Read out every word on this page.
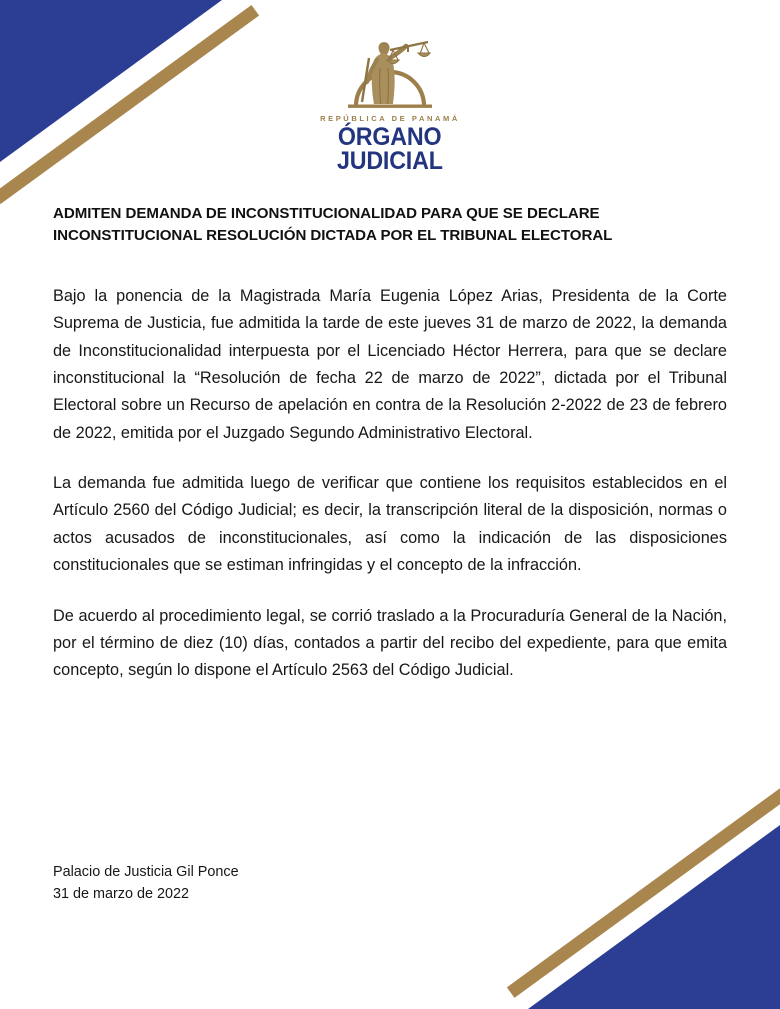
REPÚBLICA DE PANAMÁ
ÓRGANO
JUDICIAL
ADMITEN DEMANDA DE INCONSTITUCIONALIDAD PARA QUE SE DECLARE INCONSTITUCIONAL RESOLUCIÓN DICTADA POR EL TRIBUNAL ELECTORAL

Bajo la ponencia de la Magistrada María Eugenia López Arias, Presidenta de la Corte Suprema de Justicia, fue admitida la tarde de este jueves 31 de marzo de 2022, la demanda de Inconstitucionalidad interpuesta por el Licenciado Héctor Herrera, para que se declare inconstitucional la “Resolución de fecha 22 de marzo de 2022”, dictada por el Tribunal Electoral sobre un Recurso de apelación en contra de la Resolución 2-2022 de 23 de febrero de 2022, emitida por el Juzgado Segundo Administrativo Electoral.

La demanda fue admitida luego de verificar que contiene los requisitos establecidos en el Artículo 2560 del Código Judicial; es decir, la transcripción literal de la disposición, normas o actos acusados de inconstitucionales, así como la indicación de las disposiciones constitucionales que se estiman infringidas y el concepto de la infracción.

De acuerdo al procedimiento legal, se corrió traslado a la Procuraduría General de la Nación, por el término de diez (10) días, contados a partir del recibo del expediente, para que emita concepto, según lo dispone el Artículo 2563 del Código Judicial.

Palacio de Justicia Gil Ponce
31 de marzo de 2022
